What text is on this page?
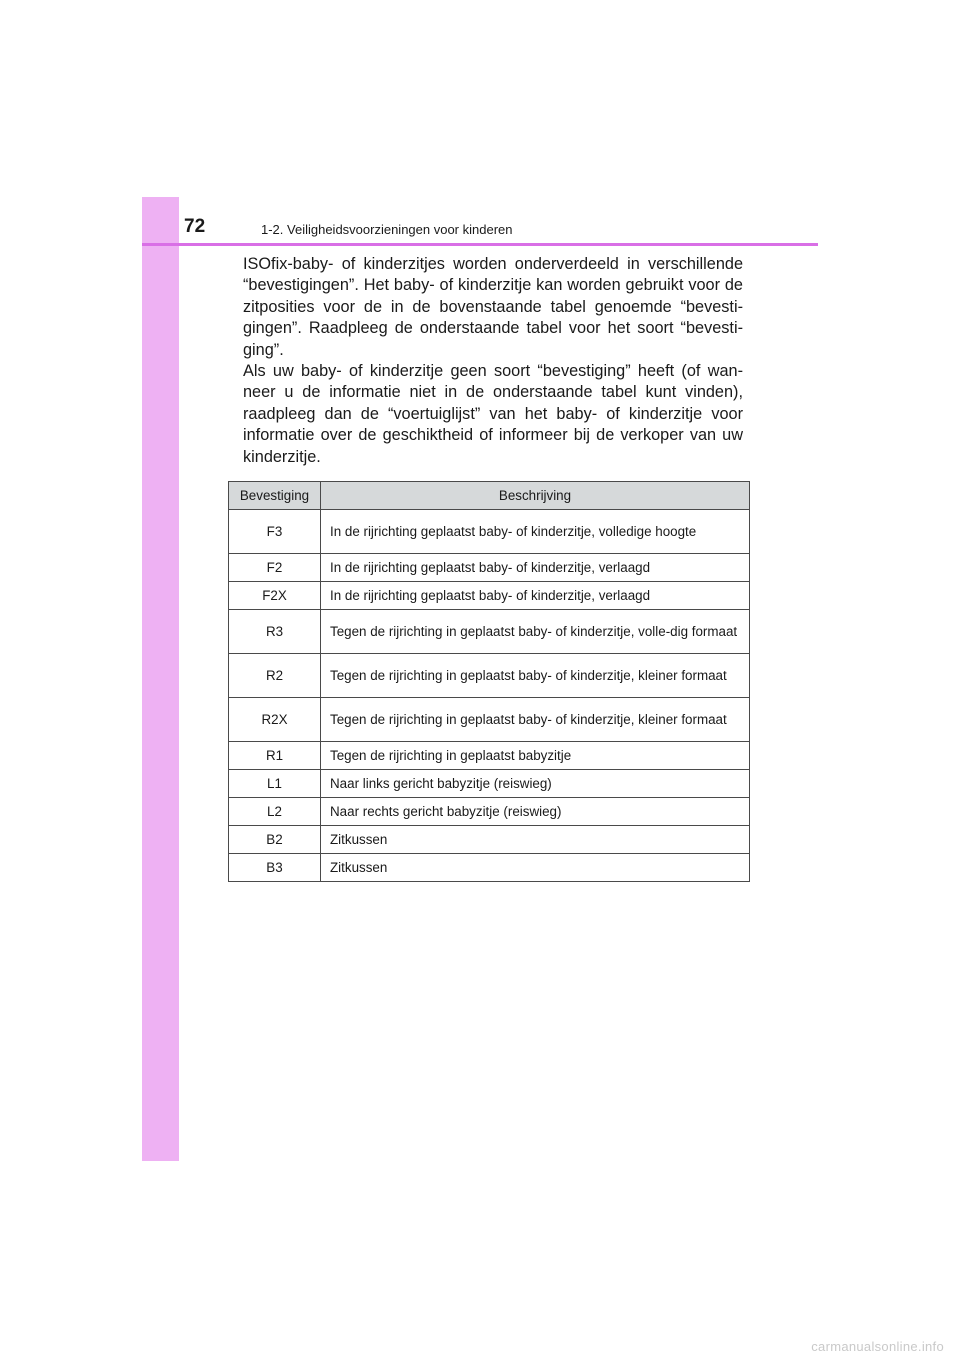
72	1-2. Veiligheidsvoorzieningen voor kinderen

ISOfix-baby- of kinderzitjes worden onderverdeeld in verschillende “bevestigingen”. Het baby- of kinderzitje kan worden gebruikt voor de zitposities voor de in de bovenstaande tabel genoemde “bevesti-gingen”. Raadpleeg de onderstaande tabel voor het soort “bevesti-ging”.

Als uw baby- of kinderzitje geen soort “bevestiging” heeft (of wan-neer u de informatie niet in de onderstaande tabel kunt vinden), raadpleeg dan de “voertuiglijst” van het baby- of kinderzitje voor informatie over de geschiktheid of informeer bij de verkoper van uw kinderzitje.

Bevestiging	Beschrijving
F3	In de rijrichting geplaatst baby- of kinderzitje, volledige hoogte
F2	In de rijrichting geplaatst baby- of kinderzitje, verlaagd
F2X	In de rijrichting geplaatst baby- of kinderzitje, verlaagd
R3	Tegen de rijrichting in geplaatst baby- of kinderzitje, volle-dig formaat
R2	Tegen de rijrichting in geplaatst baby- of kinderzitje, kleiner formaat
R2X	Tegen de rijrichting in geplaatst baby- of kinderzitje, kleiner formaat
R1	Tegen de rijrichting in geplaatst babyzitje
L1	Naar links gericht babyzitje (reiswieg)
L2	Naar rechts gericht babyzitje (reiswieg)
B2	Zitkussen
B3	Zitkussen
carmanualsonline.info
